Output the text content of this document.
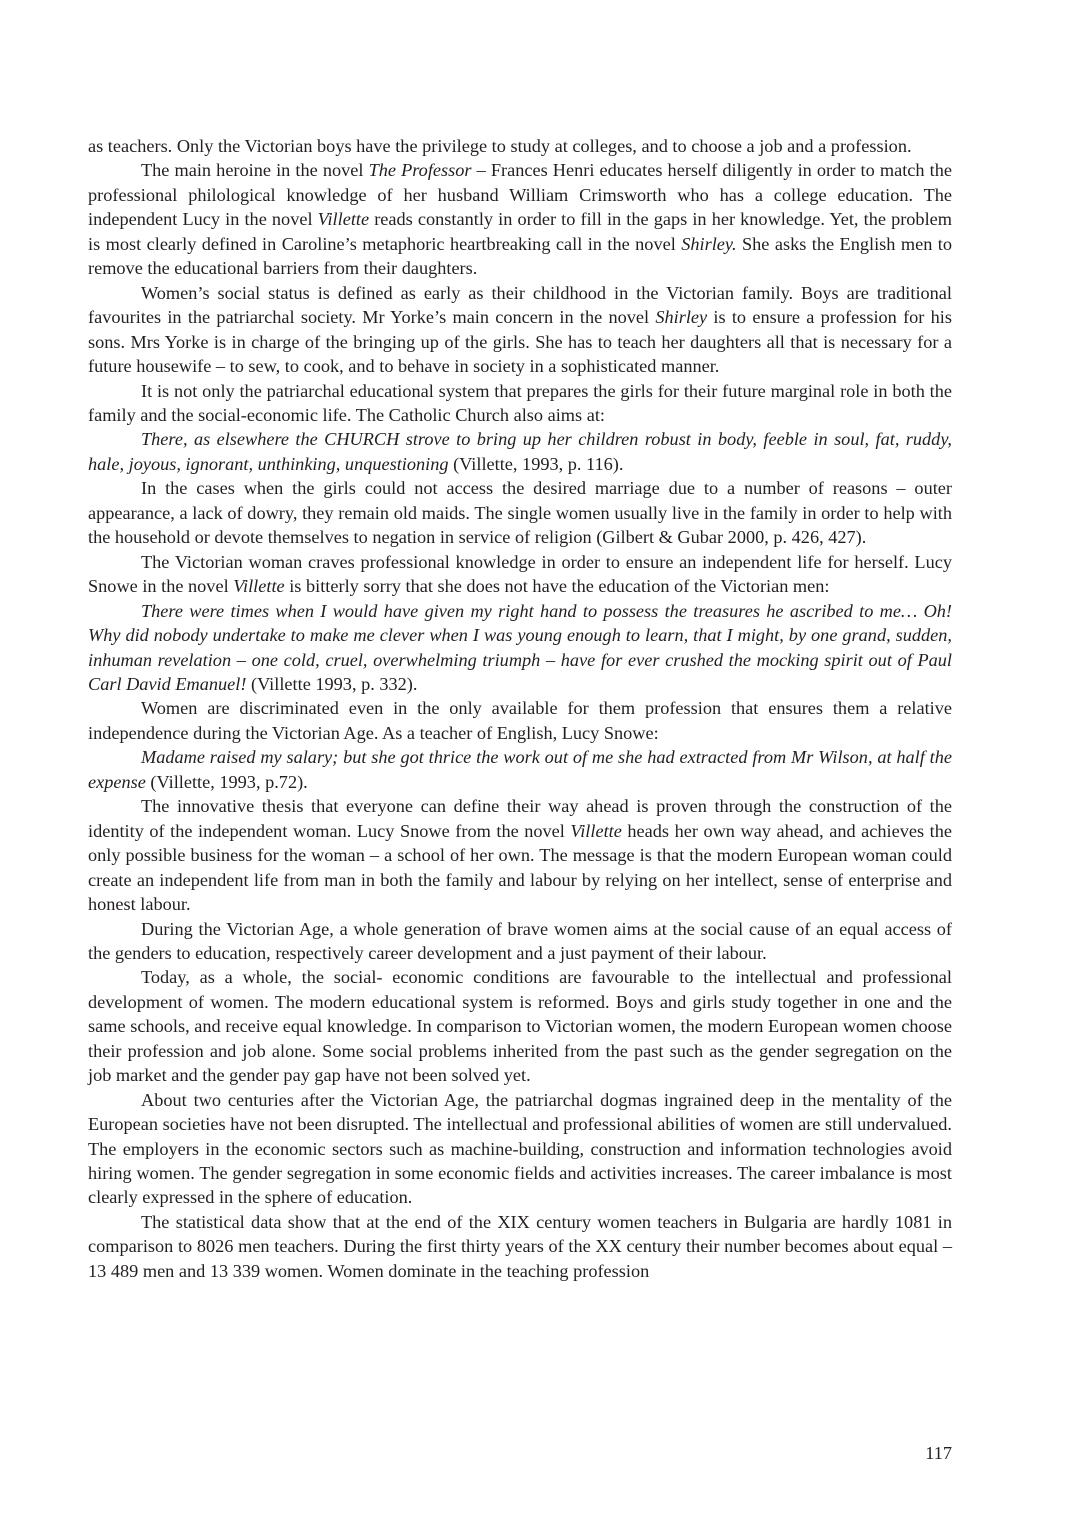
as teachers. Only the Victorian boys have the privilege to study at colleges, and to choose a job and a profession.

The main heroine in the novel The Professor – Frances Henri educates herself diligently in order to match the professional philological knowledge of her husband William Crimsworth who has a college education. The independent Lucy in the novel Villette reads constantly in order to fill in the gaps in her knowledge. Yet, the problem is most clearly defined in Caroline’s metaphoric heartbreaking call in the novel Shirley. She asks the English men to remove the educational barriers from their daughters.

Women’s social status is defined as early as their childhood in the Victorian family. Boys are traditional favourites in the patriarchal society. Mr Yorke’s main concern in the novel Shirley is to ensure a profession for his sons. Mrs Yorke is in charge of the bringing up of the girls. She has to teach her daughters all that is necessary for a future housewife – to sew, to cook, and to behave in society in a sophisticated manner.

It is not only the patriarchal educational system that prepares the girls for their future marginal role in both the family and the social-economic life. The Catholic Church also aims at:

There, as elsewhere the CHURCH strove to bring up her children robust in body, feeble in soul, fat, ruddy, hale, joyous, ignorant, unthinking, unquestioning (Villette, 1993, p. 116).

In the cases when the girls could not access the desired marriage due to a number of reasons – outer appearance, a lack of dowry, they remain old maids. The single women usually live in the family in order to help with the household or devote themselves to negation in service of religion (Gilbert & Gubar 2000, p. 426, 427).

The Victorian woman craves professional knowledge in order to ensure an independent life for herself. Lucy Snowe in the novel Villette is bitterly sorry that she does not have the education of the Victorian men:

There were times when I would have given my right hand to possess the treasures he ascribed to me… Oh! Why did nobody undertake to make me clever when I was young enough to learn, that I might, by one grand, sudden, inhuman revelation – one cold, cruel, overwhelming triumph – have for ever crushed the mocking spirit out of Paul Carl David Emanuel! (Villette 1993, p. 332).

Women are discriminated even in the only available for them profession that ensures them a relative independence during the Victorian Age. As a teacher of English, Lucy Snowe:

Madame raised my salary; but she got thrice the work out of me she had extracted from Mr Wilson, at half the expense (Villette, 1993, p.72).

The innovative thesis that everyone can define their way ahead is proven through the construction of the identity of the independent woman. Lucy Snowe from the novel Villette heads her own way ahead, and achieves the only possible business for the woman – a school of her own. The message is that the modern European woman could create an independent life from man in both the family and labour by relying on her intellect, sense of enterprise and honest labour.

During the Victorian Age, a whole generation of brave women aims at the social cause of an equal access of the genders to education, respectively career development and a just payment of their labour.

Today, as a whole, the social- economic conditions are favourable to the intellectual and professional development of women. The modern educational system is reformed. Boys and girls study together in one and the same schools, and receive equal knowledge. In comparison to Victorian women, the modern European women choose their profession and job alone. Some social problems inherited from the past such as the gender segregation on the job market and the gender pay gap have not been solved yet.

About two centuries after the Victorian Age, the patriarchal dogmas ingrained deep in the mentality of the European societies have not been disrupted. The intellectual and professional abilities of women are still undervalued. The employers in the economic sectors such as machine-building, construction and information technologies avoid hiring women. The gender segregation in some economic fields and activities increases. The career imbalance is most clearly expressed in the sphere of education.

The statistical data show that at the end of the XIX century women teachers in Bulgaria are hardly 1081 in comparison to 8026 men teachers. During the first thirty years of the XX century their number becomes about equal – 13 489 men and 13 339 women. Women dominate in the teaching profession

117
